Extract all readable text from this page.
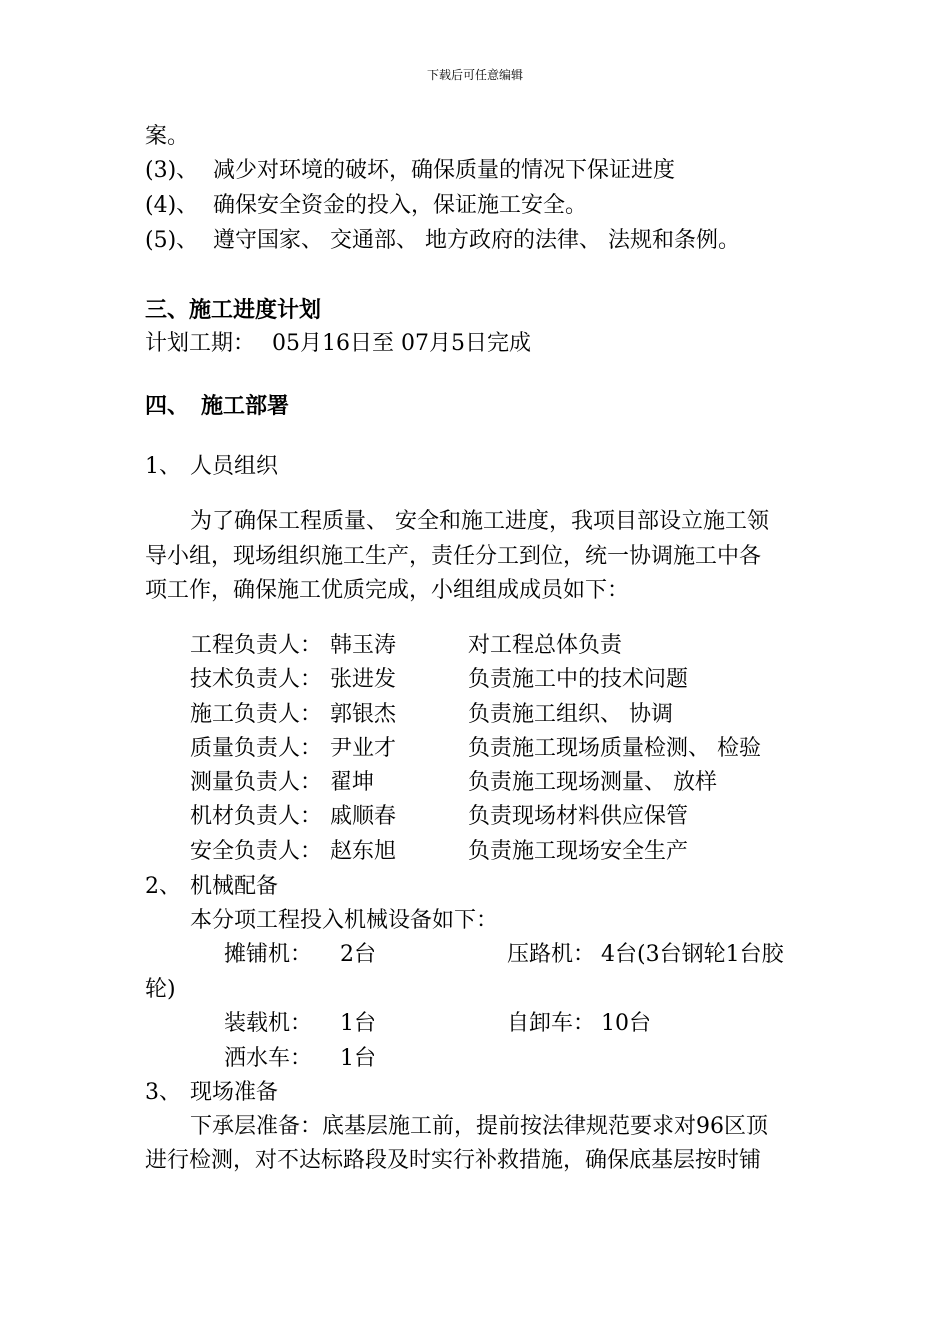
下载后可任意编辑
案。
(3)、 减少对环境的破坏，确保质量的情况下保证进度
(4)、 确保安全资金的投入，保证施工安全。
(5)、 遵守国家、 交通部、 地方政府的法律、 法规和条例。
三、施工进度计划
计划工期： 05月16日至 07月5日完成
四、 施工部署
1、 人员组织
为了确保工程质量、 安全和施工进度，我项目部设立施工领
导小组，现场组织施工生产，责任分工到位，统一协调施工中各
项工作，确保施工优质完成，小组组成成员如下：
工程负责人： 韩玉涛	对工程总体负责
技术负责人： 张进发	负责施工中的技术问题
施工负责人： 郭银杰	负责施工组织、 协调
质量负责人： 尹业才	负责施工现场质量检测、 检验
测量负责人： 翟坤	负责施工现场测量、 放样
机材负责人： 戚顺春	负责现场材料供应保管
安全负责人： 赵东旭	负责施工现场安全生产
2、 机械配备
本分项工程投入机械设备如下：
摊铺机： 2台	压路机： 4台(3台钢轮1台胶
轮)
装载机： 1台	自卸车： 10台
洒水车： 1台
3、 现场准备
下承层准备：底基层施工前，提前按法律规范要求对96区顶
进行检测，对不达标路段及时实行补救措施，确保底基层按时铺
